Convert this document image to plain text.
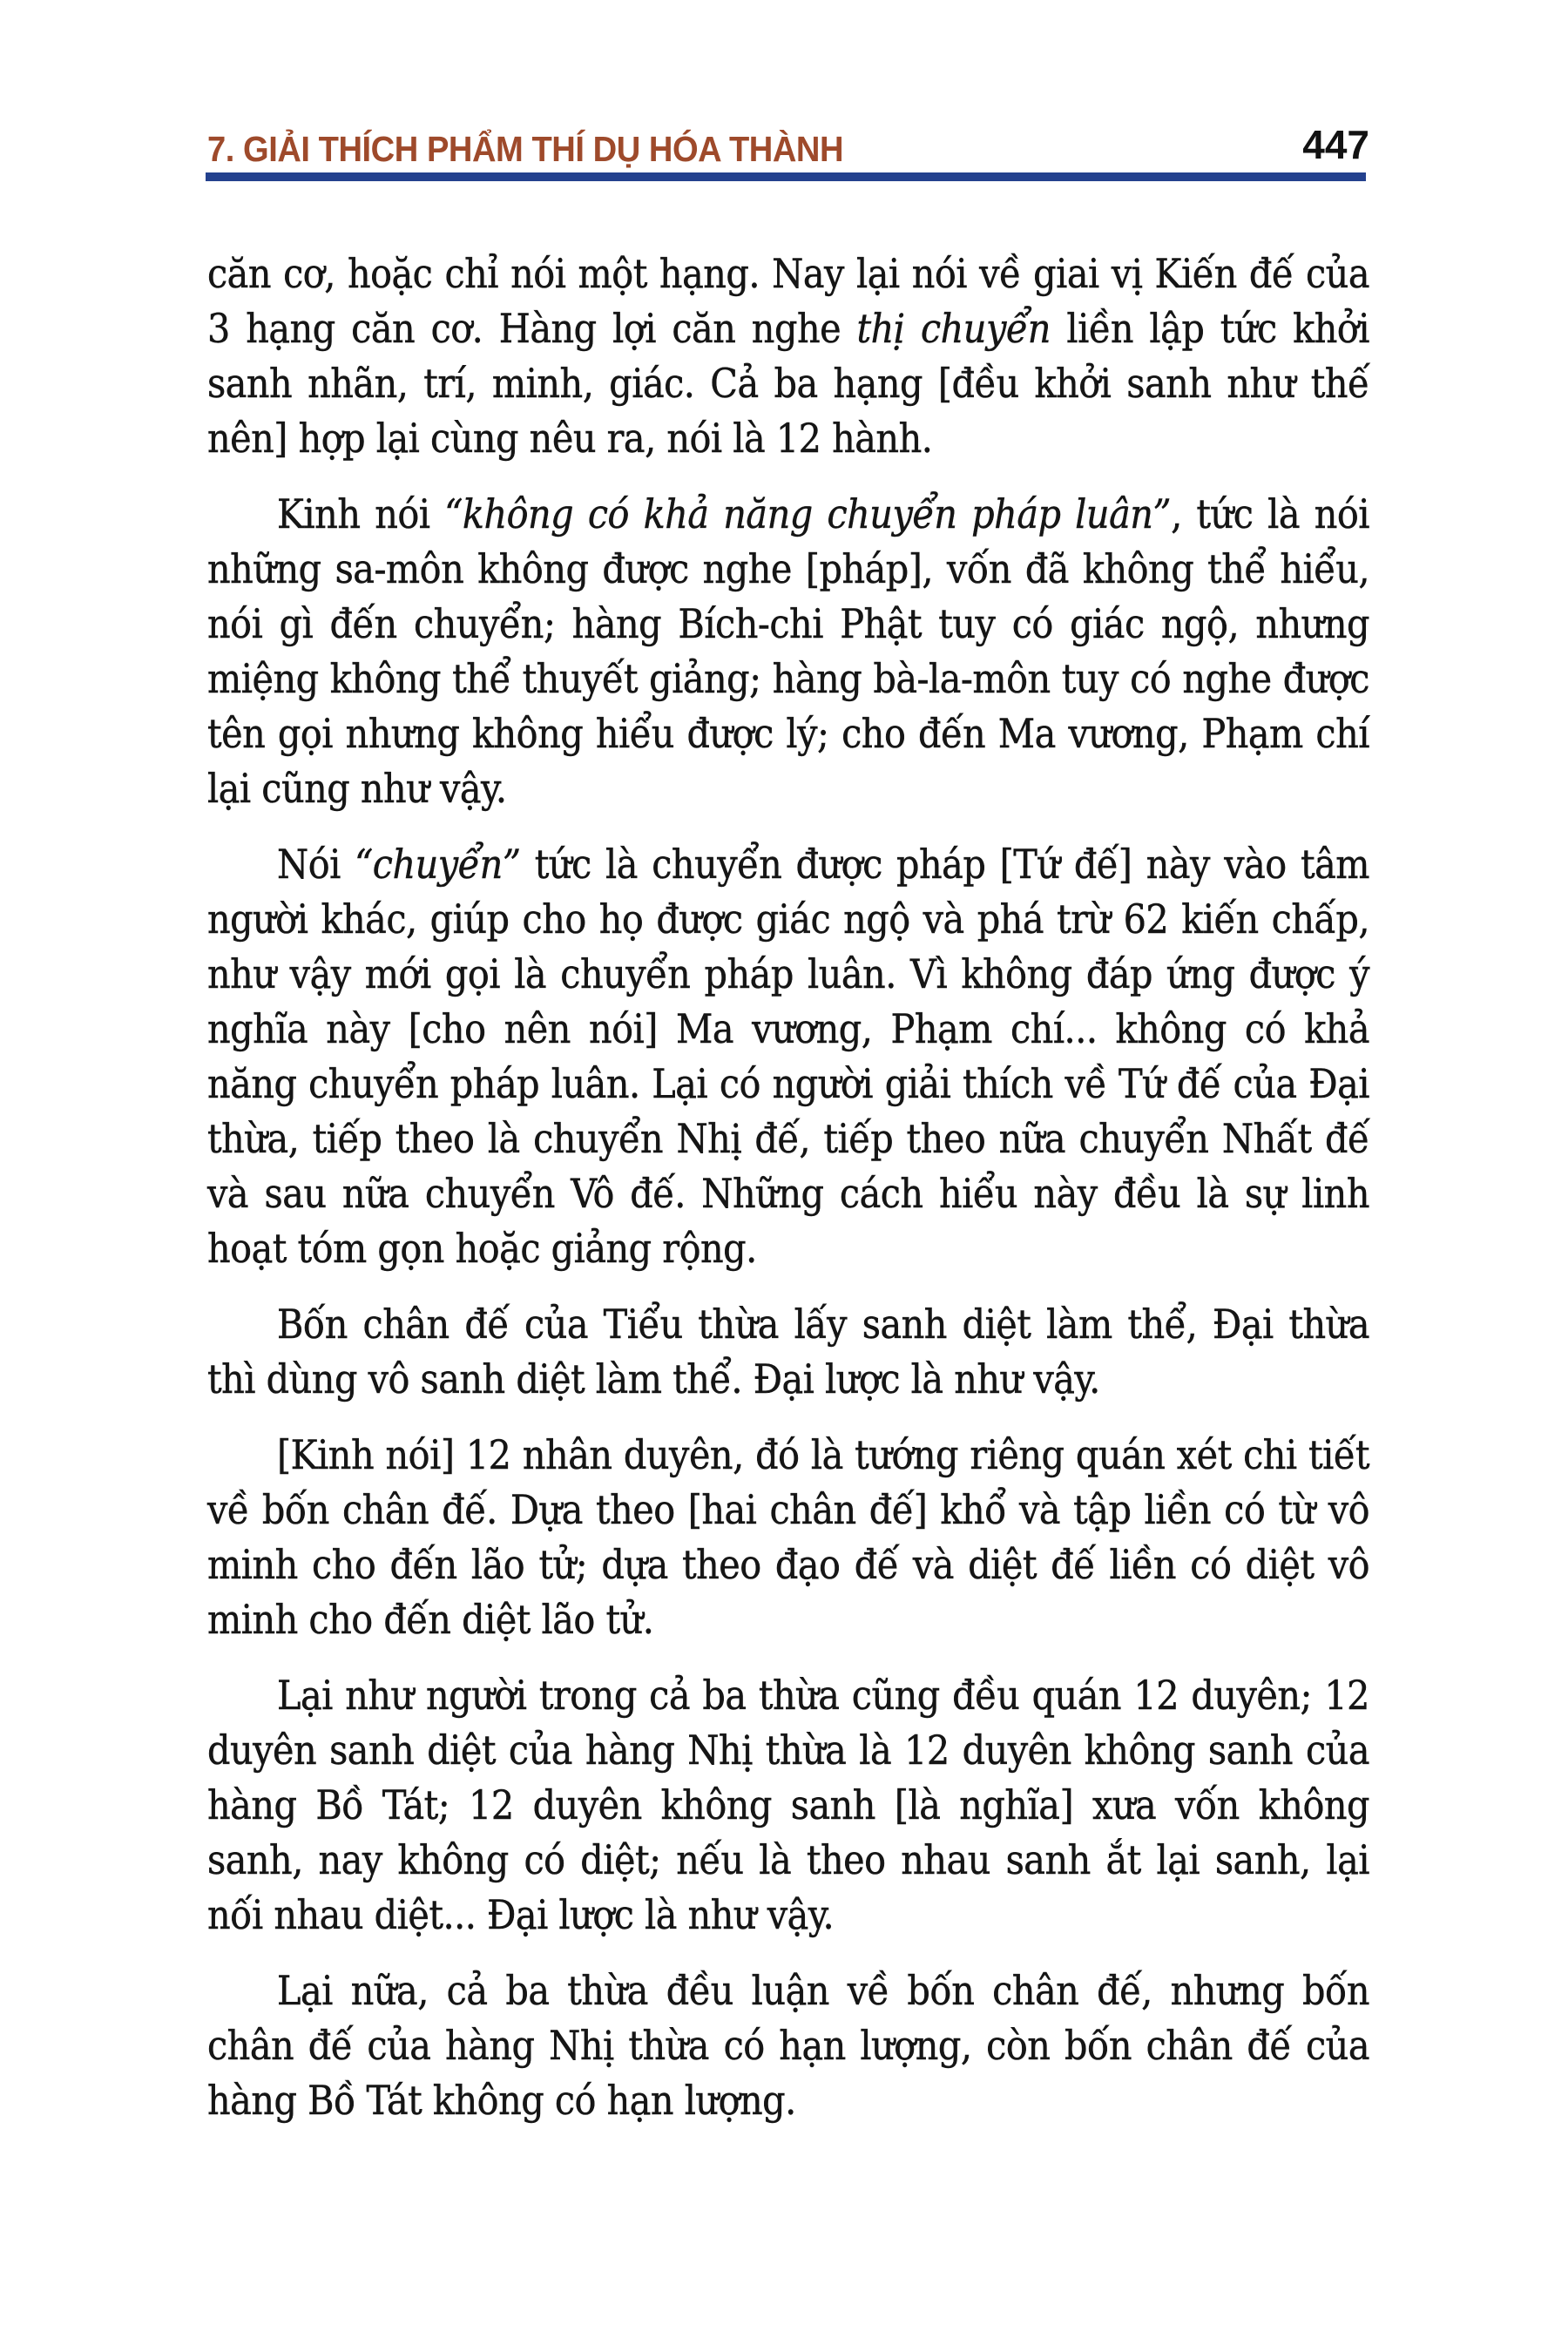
7. GIẢI THÍCH PHẨM THÍ DỤ HÓA THÀNH	447

căn cơ, hoặc chỉ nói một hạng. Nay lại nói về giai vị Kiến đế của 3 hạng căn cơ. Hàng lợi căn nghe thị chuyển liền lập tức khởi sanh nhãn, trí, minh, giác. Cả ba hạng [đều khởi sanh như thế nên] hợp lại cùng nêu ra, nói là 12 hành.

Kinh nói “không có khả năng chuyển pháp luân”, tức là nói những sa-môn không được nghe [pháp], vốn đã không thể hiểu, nói gì đến chuyển; hàng Bích-chi Phật tuy có giác ngộ, nhưng miệng không thể thuyết giảng; hàng bà-la-môn tuy có nghe được tên gọi nhưng không hiểu được lý; cho đến Ma vương, Phạm chí lại cũng như vậy.

Nói “chuyển” tức là chuyển được pháp [Tứ đế] này vào tâm người khác, giúp cho họ được giác ngộ và phá trừ 62 kiến chấp, như vậy mới gọi là chuyển pháp luân. Vì không đáp ứng được ý nghĩa này [cho nên nói] Ma vương, Phạm chí... không có khả năng chuyển pháp luân. Lại có người giải thích về Tứ đế của Đại thừa, tiếp theo là chuyển Nhị đế, tiếp theo nữa chuyển Nhất đế và sau nữa chuyển Vô đế. Những cách hiểu này đều là sự linh hoạt tóm gọn hoặc giảng rộng.

Bốn chân đế của Tiểu thừa lấy sanh diệt làm thể, Đại thừa thì dùng vô sanh diệt làm thể. Đại lược là như vậy.

[Kinh nói] 12 nhân duyên, đó là tướng riêng quán xét chi tiết về bốn chân đế. Dựa theo [hai chân đế] khổ và tập liền có từ vô minh cho đến lão tử; dựa theo đạo đế và diệt đế liền có diệt vô minh cho đến diệt lão tử.

Lại như người trong cả ba thừa cũng đều quán 12 duyên; 12 duyên sanh diệt của hàng Nhị thừa là 12 duyên không sanh của hàng Bồ Tát; 12 duyên không sanh [là nghĩa] xưa vốn không sanh, nay không có diệt; nếu là theo nhau sanh ắt lại sanh, lại nối nhau diệt... Đại lược là như vậy.

Lại nữa, cả ba thừa đều luận về bốn chân đế, nhưng bốn chân đế của hàng Nhị thừa có hạn lượng, còn bốn chân đế của hàng Bồ Tát không có hạn lượng.
